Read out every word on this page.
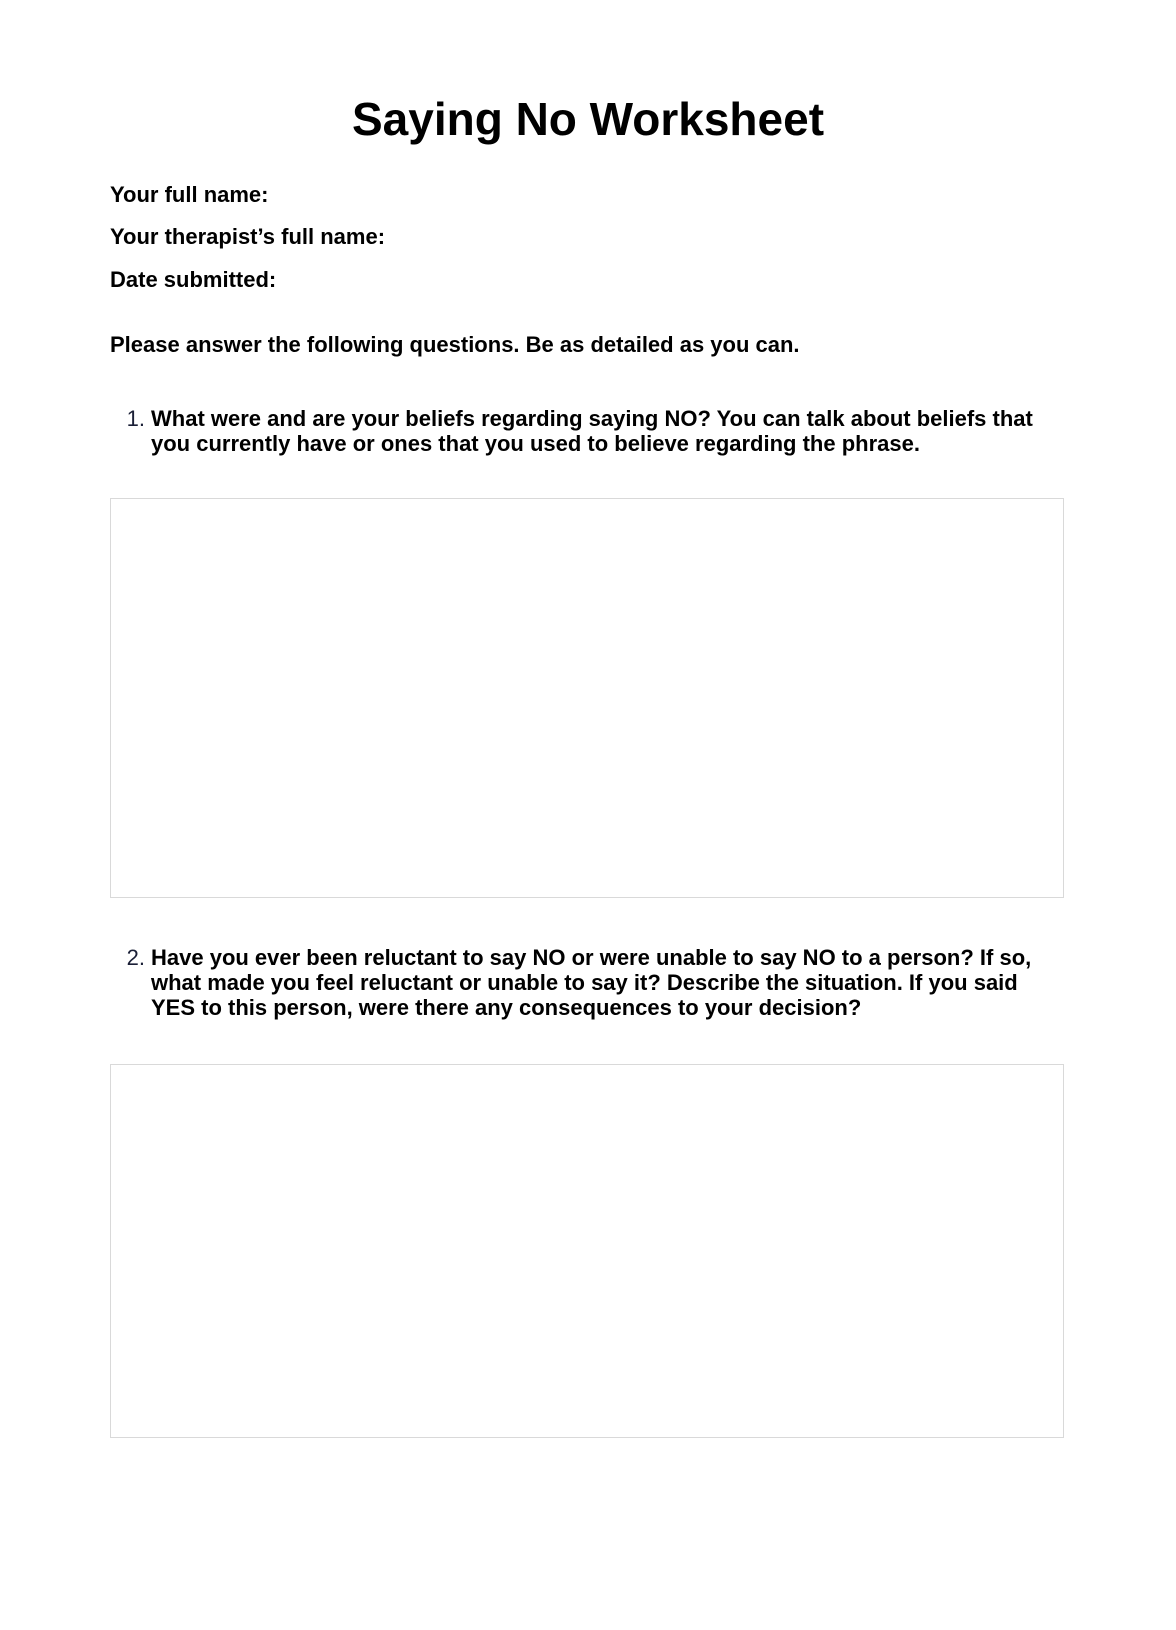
Saying No Worksheet
Your full name:
Your therapist’s full name:
Date submitted:

Please answer the following questions. Be as detailed as you can.

1. What were and are your beliefs regarding saying NO? You can talk about beliefs that you currently have or ones that you used to believe regarding the phrase.
2. Have you ever been reluctant to say NO or were unable to say NO to a person? If so, what made you feel reluctant or unable to say it? Describe the situation. If you said YES to this person, were there any consequences to your decision?
